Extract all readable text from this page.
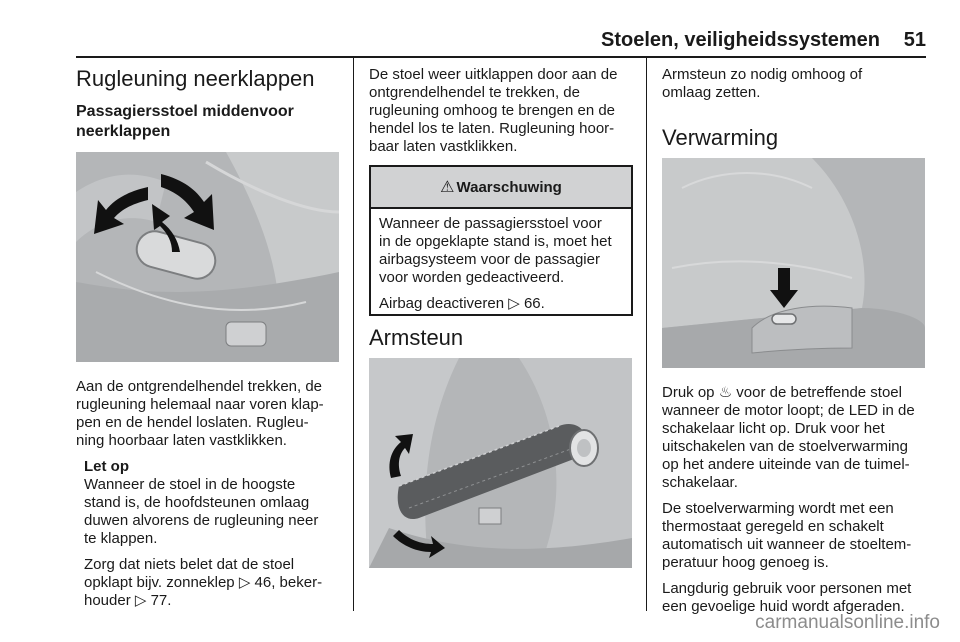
Stoelen, veiligheidssystemen	51
Rugleuning neerklappen
Passagiersstoel middenvoor
neerklappen

Aan de ontgrendelhendel trekken, de
rugleuning helemaal naar voren klap-
pen en de hendel loslaten. Rugleu-
ning hoorbaar laten vastklikken.

Let op

Wanneer de stoel in de hoogste
stand is, de hoofdsteunen omlaag
duwen alvorens de rugleuning neer
te klappen.

Zorg dat niets belet dat de stoel
opklapt bijv. zonneklep ▷ 46, beker-
houder ▷ 77.

De stoel weer uitklappen door aan de
ontgrendelhendel te trekken, de
rugleuning omhoog te brengen en de
hendel los te laten. Rugleuning hoor-
baar laten vastklikken.

⚠ Waarschuwing

Wanneer de passagiersstoel voor
in de opgeklapte stand is, moet het
airbagsysteem voor de passagier
voor worden gedeactiveerd.

Airbag deactiveren ▷ 66.

Armsteun

Armsteun zo nodig omhoog of
omlaag zetten.

Verwarming

Druk op ♨ voor de betreffende stoel
wanneer de motor loopt; de LED in de
schakelaar licht op. Druk voor het
uitschakelen van de stoelverwarming
op het andere uiteinde van de tuimel-
schakelaar.

De stoelverwarming wordt met een
thermostaat geregeld en schakelt
automatisch uit wanneer de stoeltem-
peratuur hoog genoeg is.

Langdurig gebruik voor personen met
een gevoelige huid wordt afgeraden.

carmanualsonline.info
